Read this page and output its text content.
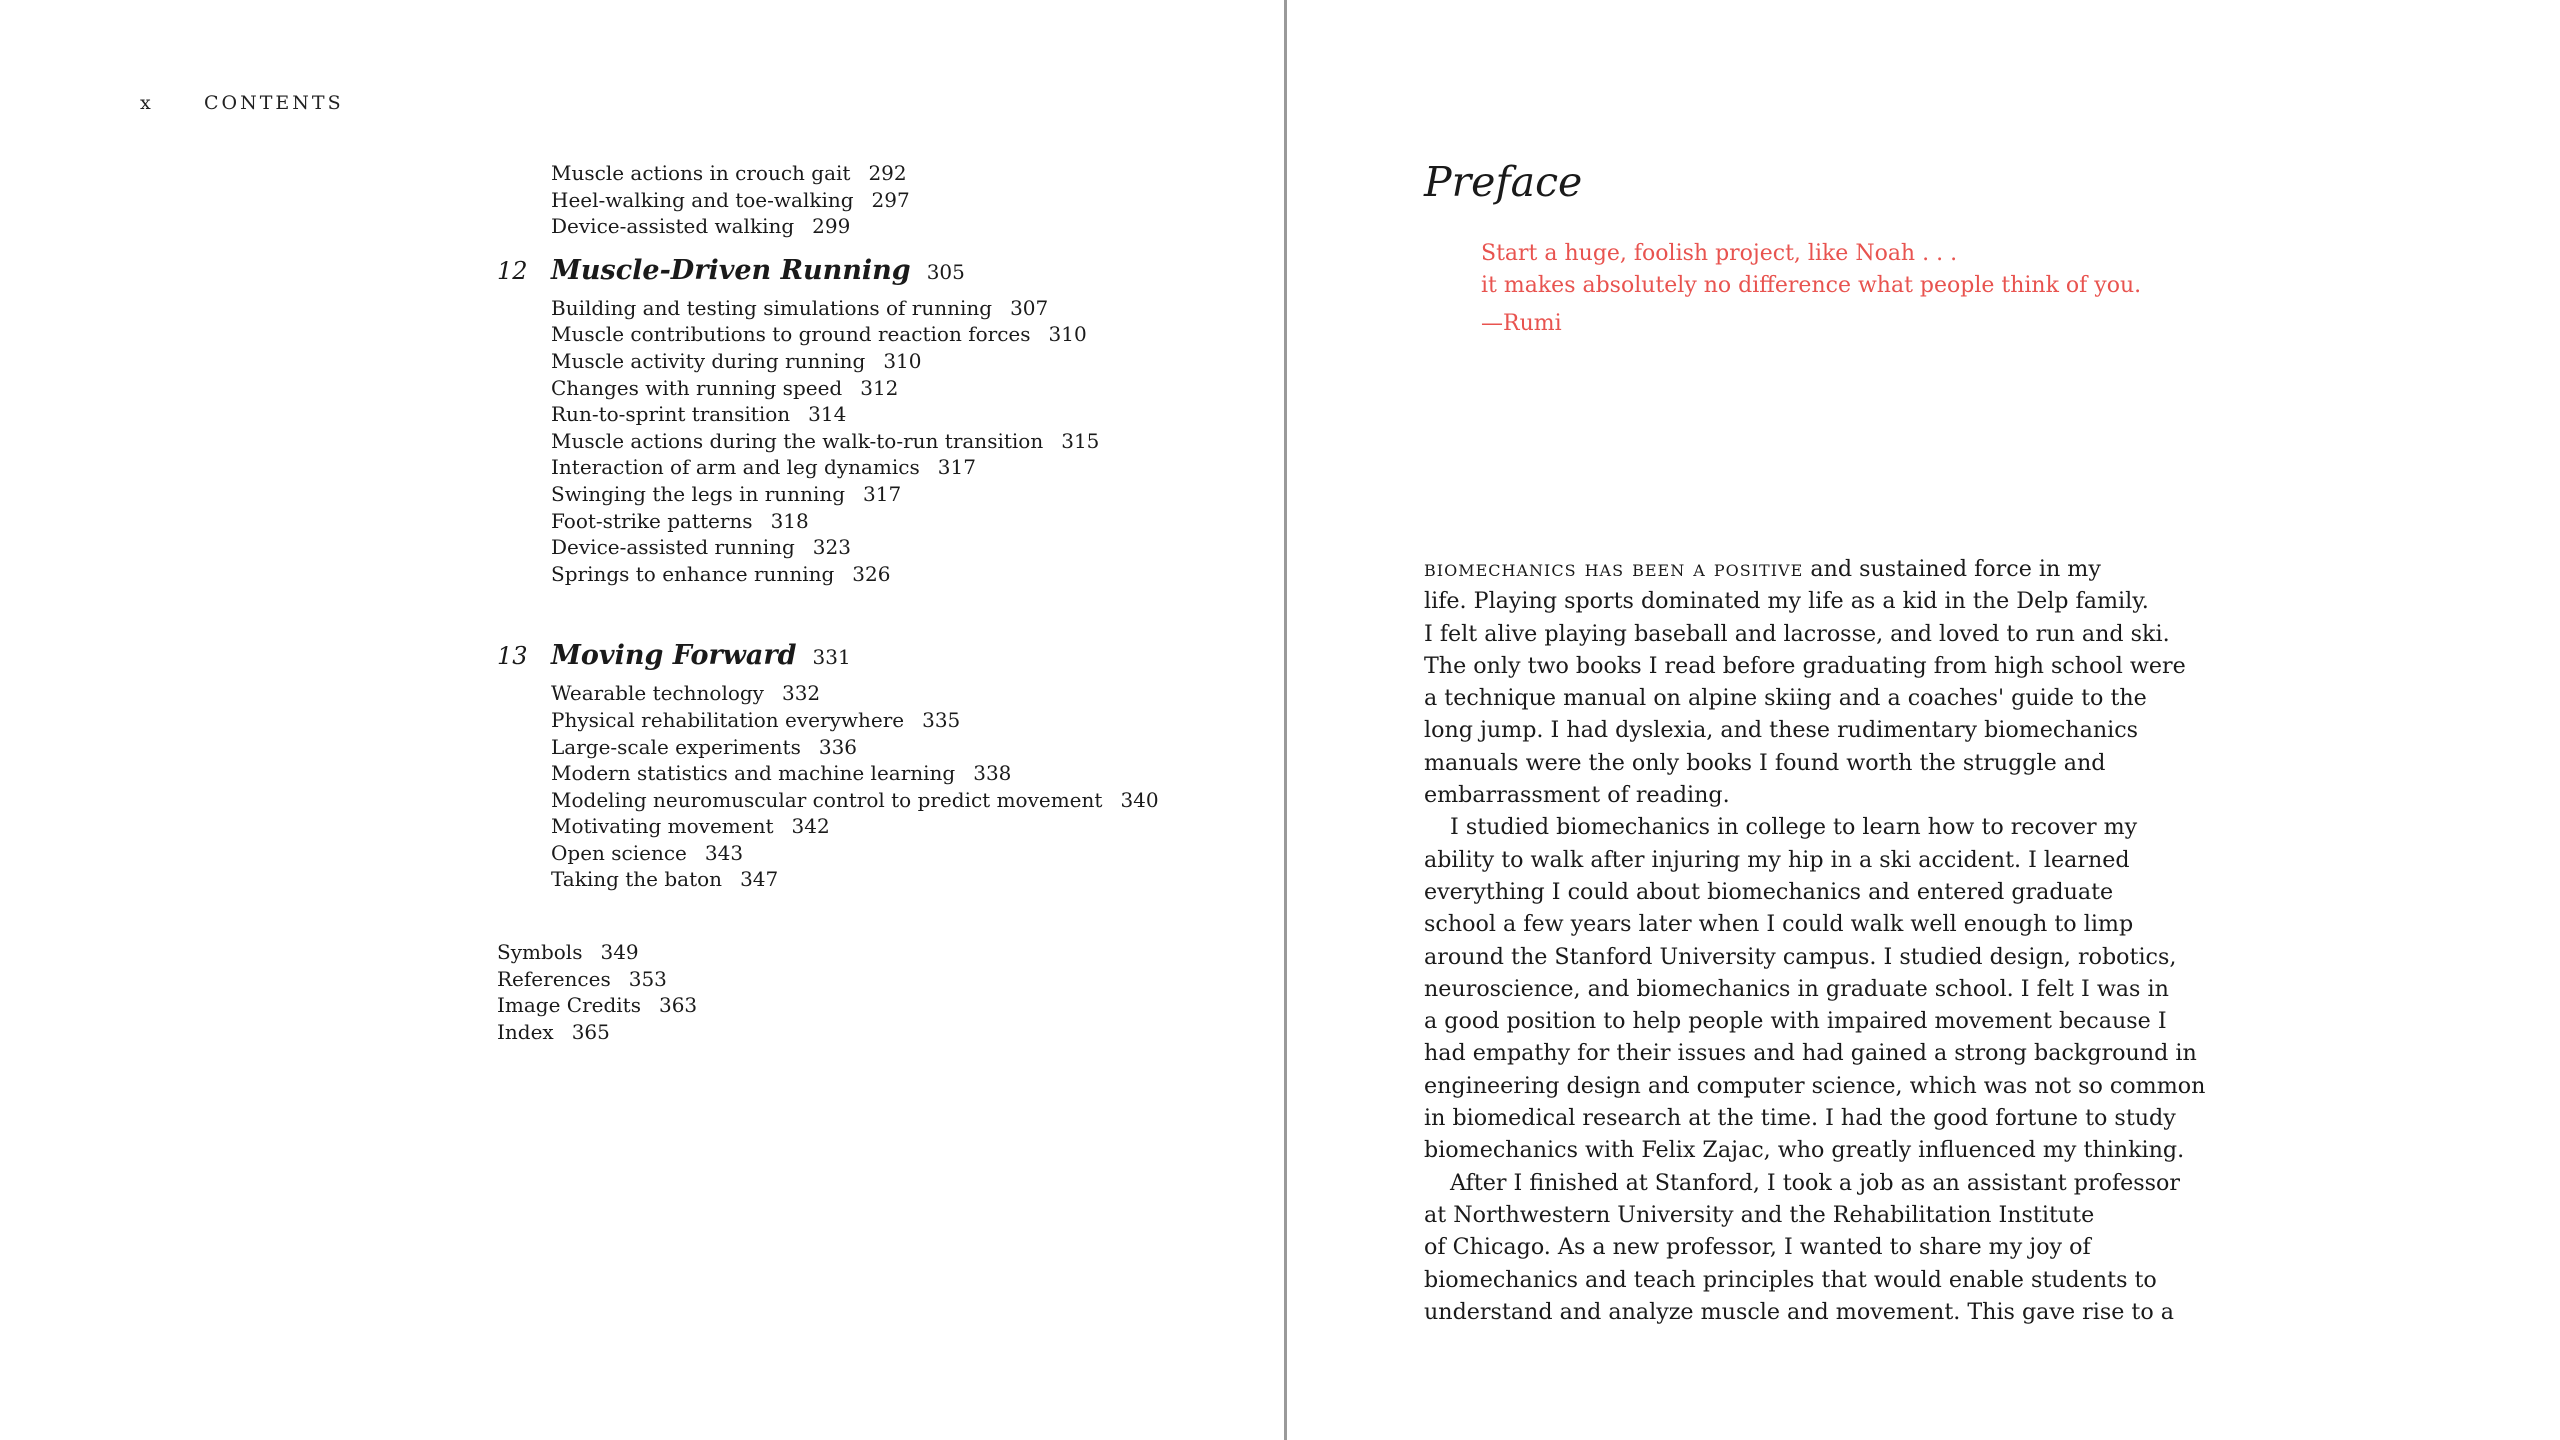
x	CONTENTS
Muscle actions in crouch gait 292
Heel-walking and toe-walking 297
Device-assisted walking 299
12 Muscle-Driven Running 305
Building and testing simulations of running 307
Muscle contributions to ground reaction forces 310
Muscle activity during running 310
Changes with running speed 312
Run-to-sprint transition 314
Muscle actions during the walk-to-run transition 315
Interaction of arm and leg dynamics 317
Swinging the legs in running 317
Foot-strike patterns 318
Device-assisted running 323
Springs to enhance running 326
13 Moving Forward 331
Wearable technology 332
Physical rehabilitation everywhere 335
Large-scale experiments 336
Modern statistics and machine learning 338
Modeling neuromuscular control to predict movement 340
Motivating movement 342
Open science 343
Taking the baton 347
Symbols 349
References 353
Image Credits 363
Index 365
Preface
Start a huge, foolish project, like Noah . . .
it makes absolutely no difference what people think of you.
—Rumi
biomechanics has been a positive and sustained force in my
life. Playing sports dominated my life as a kid in the Delp family.
I felt alive playing baseball and lacrosse, and loved to run and ski.
The only two books I read before graduating from high school were
a technique manual on alpine skiing and a coaches' guide to the
long jump. I had dyslexia, and these rudimentary biomechanics
manuals were the only books I found worth the struggle and
embarrassment of reading.
I studied biomechanics in college to learn how to recover my
ability to walk after injuring my hip in a ski accident. I learned
everything I could about biomechanics and entered graduate
school a few years later when I could walk well enough to limp
around the Stanford University campus. I studied design, robotics,
neuroscience, and biomechanics in graduate school. I felt I was in
a good position to help people with impaired movement because I
had empathy for their issues and had gained a strong background in
engineering design and computer science, which was not so common
in biomedical research at the time. I had the good fortune to study
biomechanics with Felix Zajac, who greatly influenced my thinking.
After I finished at Stanford, I took a job as an assistant professor
at Northwestern University and the Rehabilitation Institute
of Chicago. As a new professor, I wanted to share my joy of
biomechanics and teach principles that would enable students to
understand and analyze muscle and movement. This gave rise to a
